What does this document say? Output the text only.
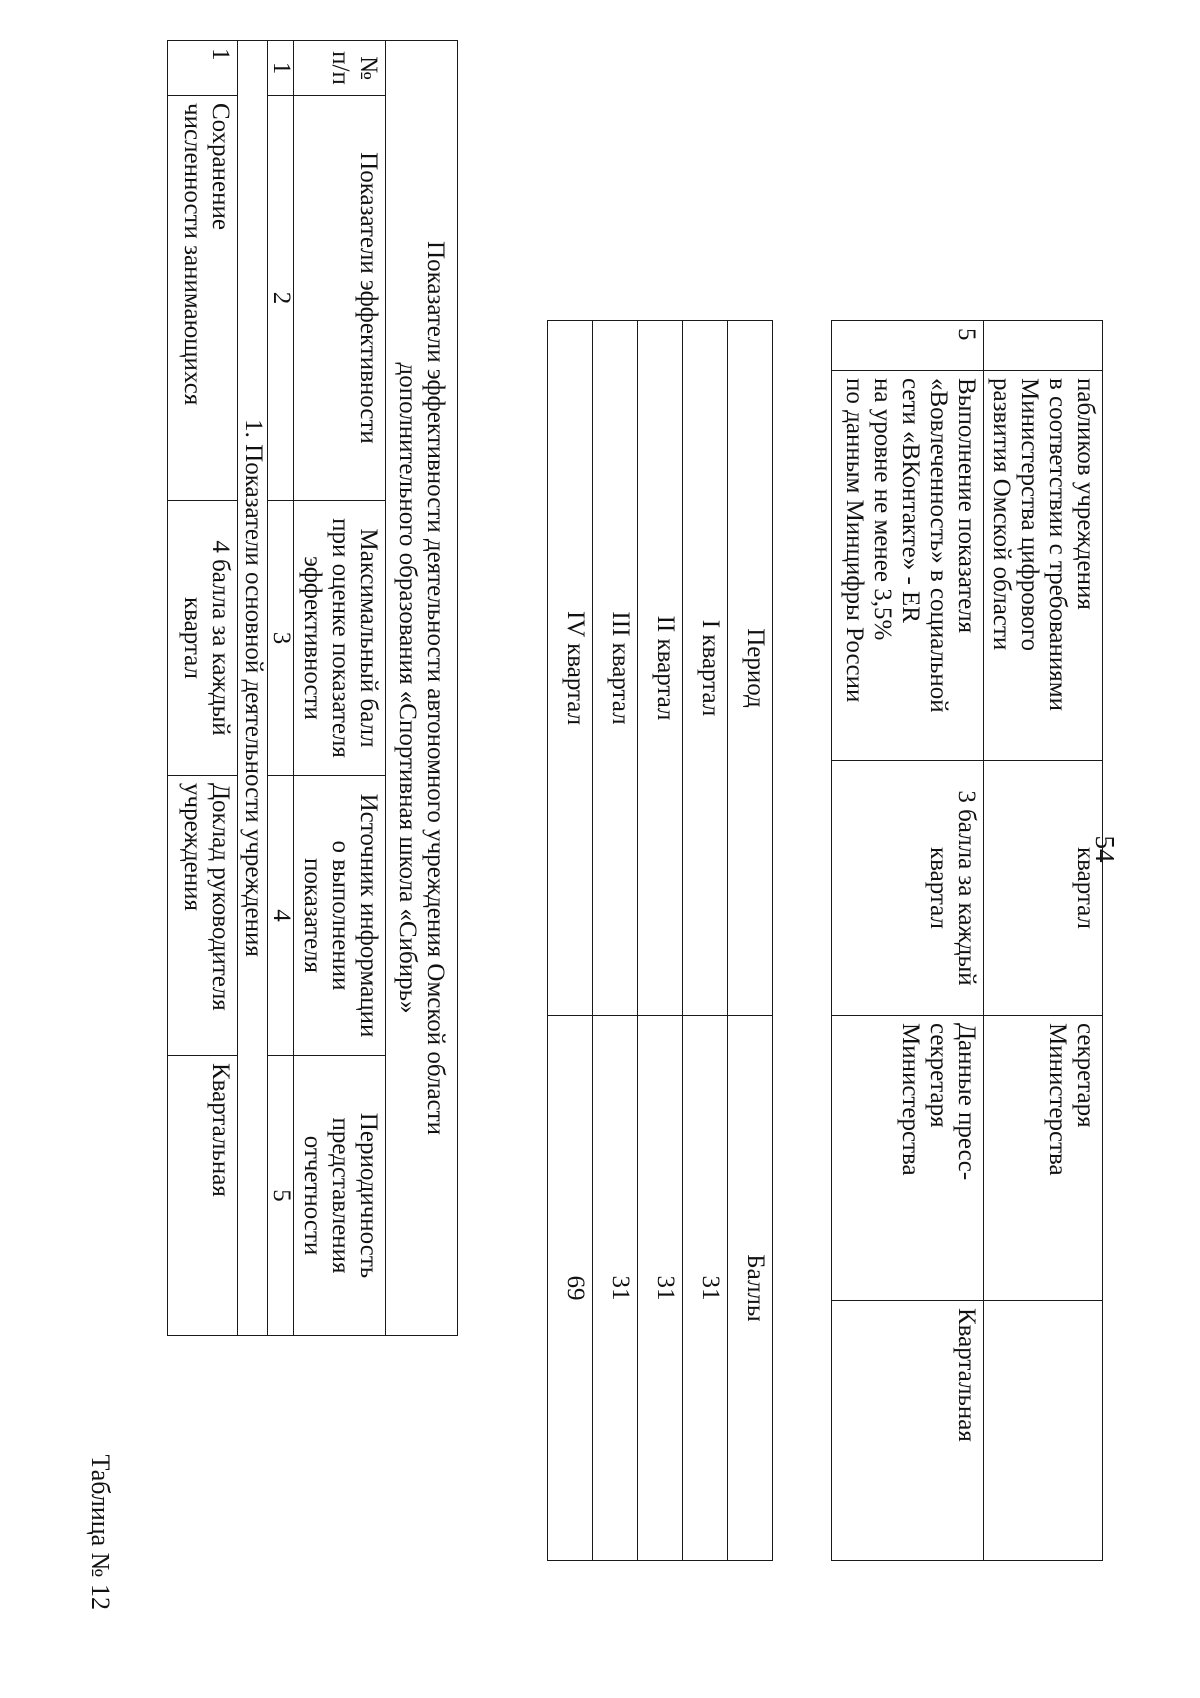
54
	пабликов учреждения
в соответствии с требованиями
Министерства цифрового
развития Омской области	квартал	секретаря
Министерства	
5	Выполнение показателя
«Вовлеченность» в социальной
сети «ВКонтакте» - ER
на уровне не менее 3,5%
по данным Минцифры России	3 балла за каждый
квартал	Данные пресс-
секретаря
Министерства	Квартальная
Период	Баллы
I квартал	31
II квартал	31
III квартал	31
IV квартал	69
Таблица № 12
Показатели эффективности деятельности автономного учреждения Омской области
дополнительного образования «Спортивная школа «Сибирь»				
№
п/п	Показатели эффективности	Максимальный балл
при оценке показателя
эффективности	Источник информации
о выполнении
показателя	Периодичность
представления отчетности
1	2	3	4	5
1. Показатели основной деятельности учреждения				
1	Сохранение
численности занимающихся	4 балла за каждый
квартал	Доклад руководителя
учреждения	Квартальная
